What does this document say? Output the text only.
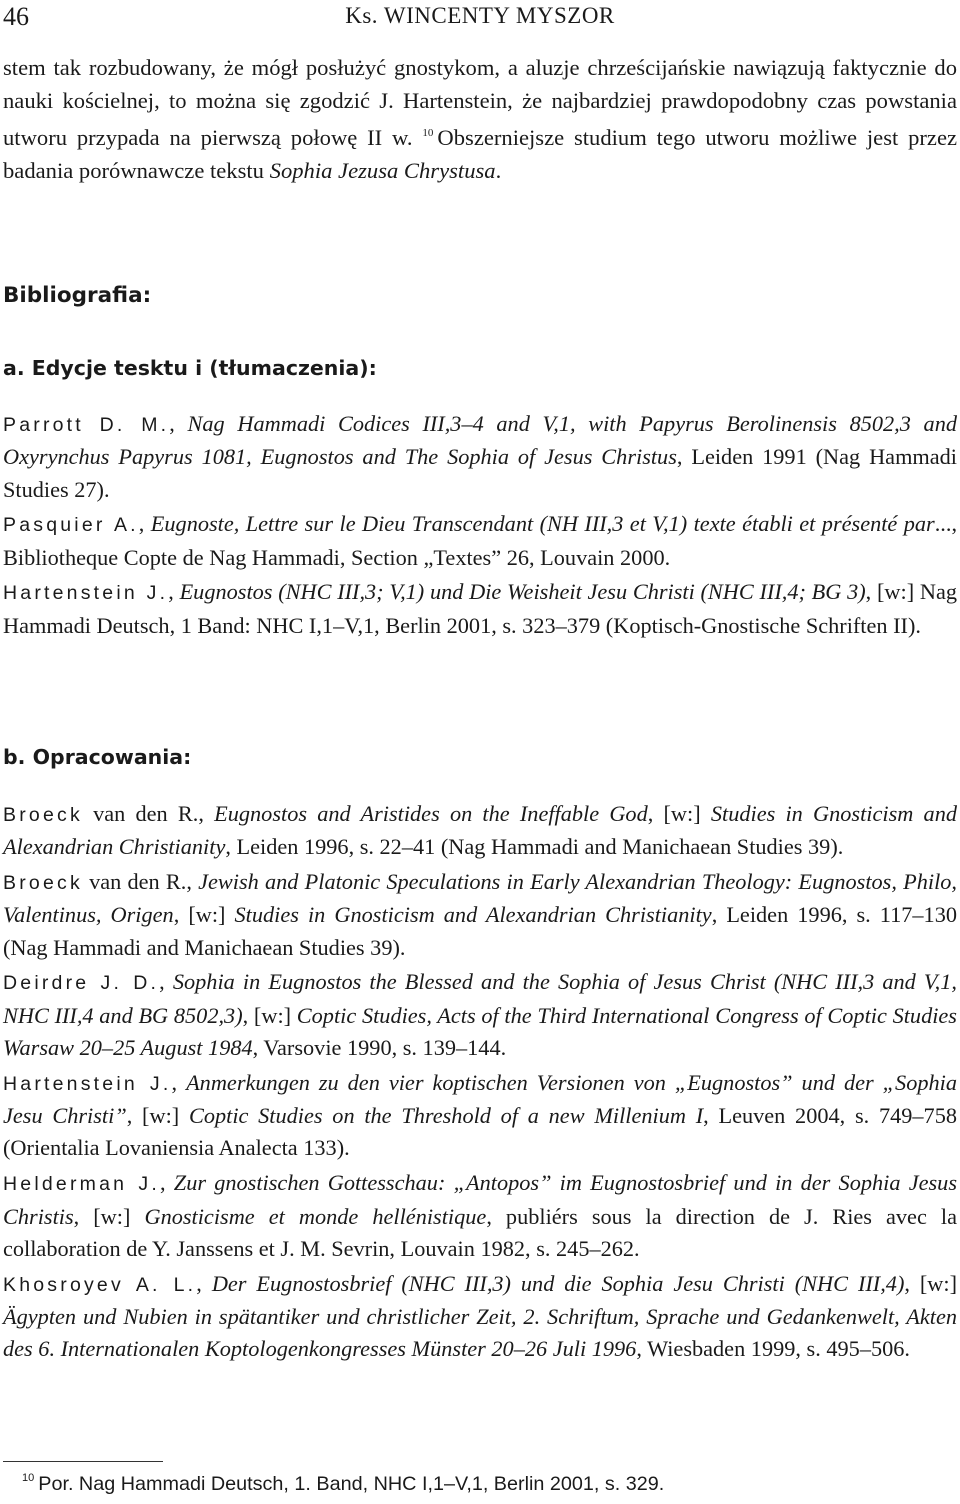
46	Ks. WINCENTY MYSZOR

stem tak rozbudowany, że mógł posłużyć gnostykom, a aluzje chrześcijańskie nawiązują faktycznie do nauki kościelnej, to można się zgodzić J. Hartenstein, że najbardziej prawdopodobny czas powstania utworu przypada na pierwszą połowę II w. $^{10}$ Obszerniejsze studium tego utworu możliwe jest przez badania porównawcze tekstu Sophia Jezusa Chrystusa.

Bibliografia:
a. Edycje tesktu i (tłumaczenia):

Parrott D. M., Nag Hammadi Codices III,3–4 and V,1, with Papyrus Berolinensis 8502,3 and Oxyrynchus Papyrus 1081, Eugnostos and The Sophia of Jesus Christus, Leiden 1991 (Nag Hammadi Studies 27).

Pasquier A., Eugnoste, Lettre sur le Dieu Transcendant (NH III,3 et V,1) texte établi et présenté par..., Bibliotheque Copte de Nag Hammadi, Section „Textes” 26, Louvain 2000.

Hartenstein J., Eugnostos (NHC III,3; V,1) und Die Weisheit Jesu Christi (NHC III,4; BG 3), [w:] Nag Hammadi Deutsch, 1 Band: NHC I,1–V,1, Berlin 2001, s. 323–379 (Koptisch-Gnostische Schriften II).

b. Opracowania:

Broeck van den R., Eugnostos and Aristides on the Ineffable God, [w:] Studies in Gnosticism and Alexandrian Christianity, Leiden 1996, s. 22–41 (Nag Hammadi and Manichaean Studies 39).

Broeck van den R., Jewish and Platonic Speculations in Early Alexandrian Theology: Eugnostos, Philo, Valentinus, Origen, [w:] Studies in Gnosticism and Alexandrian Christianity, Leiden 1996, s. 117–130 (Nag Hammadi and Manichaean Studies 39).

Deirdre J. D., Sophia in Eugnostos the Blessed and the Sophia of Jesus Christ (NHC III,3 and V,1, NHC III,4 and BG 8502,3), [w:] Coptic Studies, Acts of the Third International Congress of Coptic Studies Warsaw 20–25 August 1984, Varsovie 1990, s. 139–144.

Hartenstein J., Anmerkungen zu den vier koptischen Versionen von „Eugnostos” und der „Sophia Jesu Christi”, [w:] Coptic Studies on the Threshold of a new Millenium I, Leuven 2004, s. 749–758 (Orientalia Lovaniensia Analecta 133).

Helderman J., Zur gnostischen Gottesschau: „Antopos” im Eugnostosbrief und in der Sophia Jesus Christis, [w:] Gnosticisme et monde hellénistique, publiérs sous la direction de J. Ries avec la collaboration de Y. Janssens et J. M. Sevrin, Louvain 1982, s. 245–262.

Khosroyev A. L., Der Eugnostosbrief (NHC III,3) und die Sophia Jesu Christi (NHC III,4), [w:] Ägypten und Nubien in spätantiker und christlicher Zeit, 2. Schriftum, Sprache und Gedankenwelt, Akten des 6. Internationalen Koptologenkongresses Münster 20–26 Juli 1996, Wiesbaden 1999, s. 495–506.

$^{10}$ Por. Nag Hammadi Deutsch, 1. Band, NHC I,1–V,1, Berlin 2001, s. 329.
